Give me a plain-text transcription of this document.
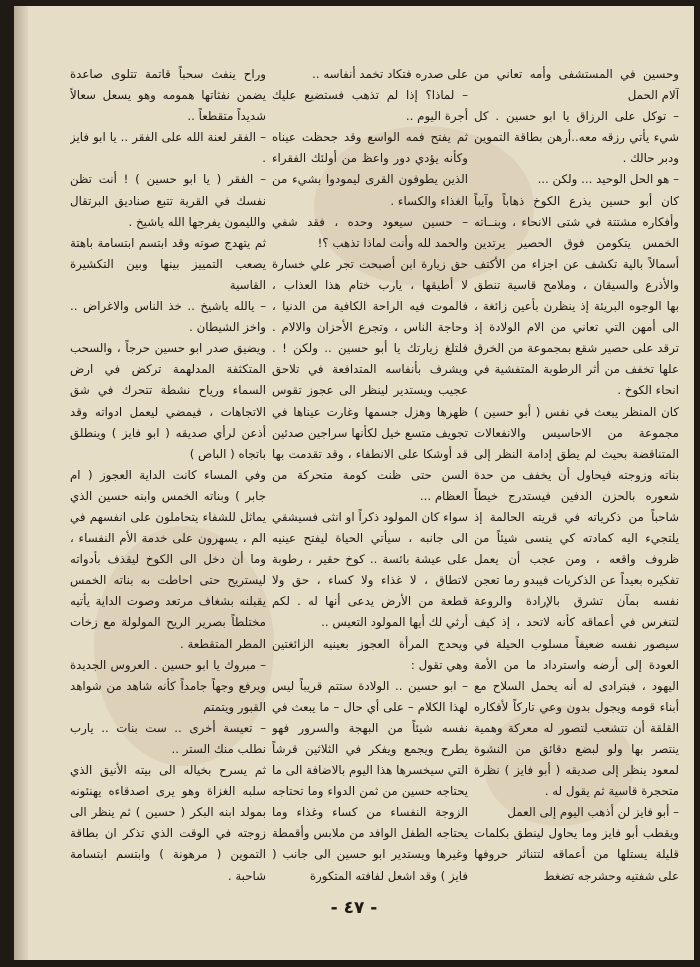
وحسين في المستشفى وأمه تعاني من آلام الحمل

– توكل على الرزاق يا ابو حسين . كل شيء يأتي رزقه معه..أرهن بطاقة التموين ودبر حالك .

– هو الحل الوحيد ... ولكن ...

كان أبو حسين يذرع الكوخ ذهاباً وآيباً وأفكاره مشتتة في شتى الانحاء ، وبنــاته الخمس يتكومن فوق الحصير يرتدين أسمالاً بالية تكشف عن اجزاء من الأكتف والأذرع والسيقان ، وملامح قاسية تنطق بها الوجوه البريئة إذ ينظرن بأعين زائغة ، الى أمهن التي تعاني من الام الولادة إذ ترقد على حصير شقع بمجموعة من الخرق علها تخفف من أثر الرطوبة المتفشية في انحاء الكوخ .

كان المنظر يبعث في نفس ( أبو حسين ) مجموعة من الاحاسيس والانفعالات المتناقضة بحيث لم يطق إدامة النظر إلى بناته وزوجته فيحاول أن يخفف من حدة شعوره بالحزن الدفين فيستدرج خيطاً شاحباً من ذكرياته في قريته الحالمة إذ يلتجيء اليه كمادته كي ينسى شيئاً من ظروف واقعه ، ومن عجب أن يعمل تفكيره بعيداً عن الذكريات فيبدو رما تعجن نفسه بمآن تشرق بالإرادة والروعة لتنغرس في أعماقه كأنه لاتحد ، إذ كيف سيصور نفسه ضعيفاً مسلوب الحيلة في العودة إلى أرضه واسترداد ما من الأمة اليهود ، فبترادى له أنه يحمل السلاح مع أبناء قومه ويجول بدون وعي تاركاً لأفكاره القلقة أن تتشعب لتصور له معركة وهمية ينتصر بها ولو لبضع دقائق من النشوة لمعود ينظر إلى صديقه ( أبو فايز ) نظرة متحجرة قاسية ثم يقول له .

– أبو فايز لن أذهب اليوم إلى العمل

ويقطب أبو فايز وما يحاول لينطق بكلمات قليلة يستلها من أعماقه لتتناثر حروفها على شفتيه وحشرجه تضغط

على صدره فتكاد تخمد أنفاسه ..

– لماذا؟ إذا لم تذهب فستضيع عليك أجرة اليوم ..

ثم يفتح فمه الواسع وقد جحظت عيناه وكأنه يؤدي دور واعظ من أولئك الفقراء الذين يطوفون القرى ليمودوا بشيء من الغذاء والكساء .

– حسين سيعود وحده ، فقد شفي والحمد لله وأنت لماذا تذهب ؟!

حق زيارة ابن أصبحت تجر علي خسارة لا أطيقها ، يارب ختام هذا العذاب ، فالموت فيه الراحة الكافية من الدنيا ، وحاجة الناس ، وتجرع الأحزان والالام . فلتلغ زيارتك يا أبو حسين .. ولكن ! . ويشرف بأنفاسه المتدافعة في تلاحق عجيب ويستدير لينظر الى عجوز تقوس ظهرها وهزل جسمها وغارت عيناها في تجويف متسع خيل لكأنها سراجين صدئين قد أوشكا على الانطفاء ، وقد تقدمت بها السن حتى ظنت كومة متحركة من العظام ...

سواء كان المولود ذكراً او انثى فسيشقي الى جانبه ، سيأتي الحياة ليفتح عينيه على عيشة بائسة .. كوخ حقير ، رطوبة لاتطاق ، لا غذاء ولا كساء ، حق ولا قطعة من الأرض يدعى أنها له . لكم أرثي لك أيها المولود التعيس ..

ويحدج المرأة العجوز بعينيه الزائغتين وهي تقول :

– ابو حسين .. الولادة ستتم قريباً ليس لهذا الكلام – على أي حال – ما يبعث في نفسه شيئاً من البهجة والسرور فهو يطرح ويجمع ويفكر في الثلاثين قرشاً التي سيخسرها هذا اليوم بالاضافة الى ما يحتاجه حسين من ثمن الدواء وما تحتاجه الزوجة النفساء من كساء وغذاء وما يحتاجه الطفل الوافد من ملابس وأقمطة وغيرها ويستدير ابو حسين الى جانب ( فايز ) وقد اشعل لفافته المتكورة

وراح ينفث سحباً قاتمة تتلوى صاعدة يضمن نفثاتها همومه وهو يسعل سعالاً شديداً متقطعاً ..

– الفقر لعنة الله على الفقر .. يا ابو فايز .

– الفقر ( يا ابو حسين ) ! أنت تظن نفسك في القرية تتبع صناديق البرتقال والليمون يفرجها الله ياشيخ .

ثم يتهدج صوته وقد ابتسم ابتسامة باهتة يصعب التمييز بينها وبين التكشيرة القاسية

– يالله ياشيخ .. خذ الناس والاغراض .. واخز الشيطان .

ويضيق صدر ابو حسين حرجاً ، والسحب المتكثفة المدلهمة تركض في ارض السماء ورياح نشطة تتحرك في شق الاتجاهات ، فيمضي ليعمل ادواته وقد أذعن لرأي صديقه ( ابو فايز ) وينطلق باتجاه ( الباص )

وفي المساء كانت الداية العجوز ( ام جابر ) وبناته الخمس وابنه حسين الذي يماثل للشفاء يتحاملون على انفسهم في الم ، يسهرون على خدمة الأم النفساء ، وما أن دخل الى الكوخ ليقذف بأدواته ليستريح حتى احاطت به بناته الخمس يقبلنه بشغاف مرتعد وصوت الداية يأتيه مختلطاً بصرير الريح المولولة مع زخات المطر المتقطعة .

– مبروك يا ابو حسين . العروس الجديدة ويرفع وجهاً جامداً كأنه شاهد من شواهد القبور ويتمتم

– تعيسة أخرى .. ست بنات .. يارب نطلب منك الستر ..

ثم يسرح بخياله الى بيته الأنيق الذي سلبه الغزاة وهو يرى اصدقاءه يهنئونه بمولد ابنه البكر ( حسين ) ثم ينظر الى زوجته في الوقت الذي تذكر ان بطاقة التموين ( مرهونة ) وابتسم ابتسامة شاحبة .

- ٤٧ -
